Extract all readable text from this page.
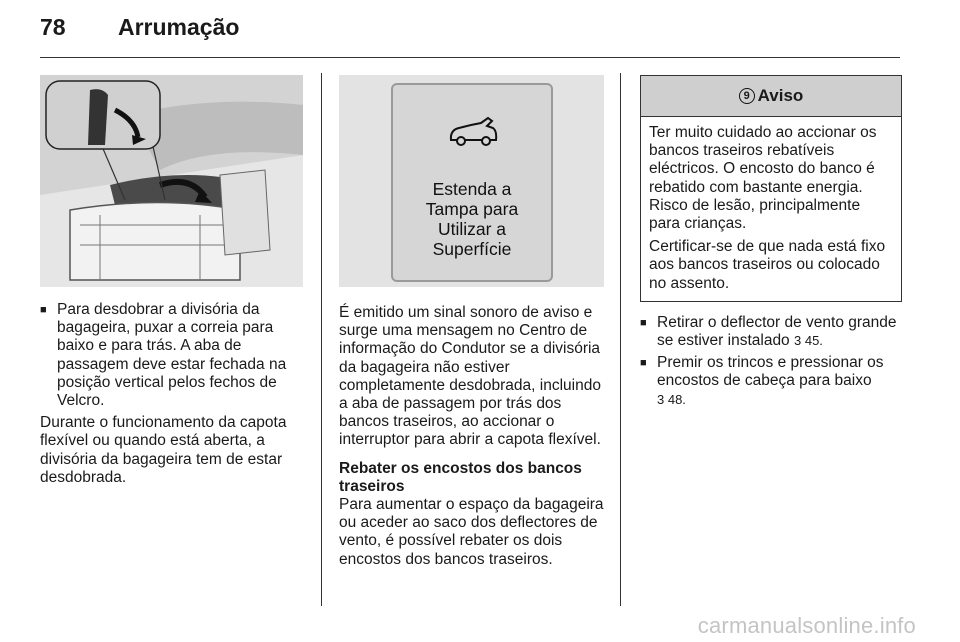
78 Arrumação
■ Para desdobrar a divisória da bagageira, puxar a correia para baixo e para trás. A aba de passagem deve estar fechada na posição vertical pelos fechos de Velcro.

Durante o funcionamento da capota flexível ou quando está aberta, a divisória da bagageira tem de estar desdobrada.

Estenda a
Tampa para
Utilizar a
Superfície

É emitido um sinal sonoro de aviso e surge uma mensagem no Centro de informação do Condutor se a divisória da bagageira não estiver completamente desdobrada, incluindo a aba de passagem por trás dos bancos traseiros, ao accionar o interruptor para abrir a capota flexível.

Rebater os encostos dos bancos traseiros

Para aumentar o espaço da bagageira ou aceder ao saco dos deflectores de vento, é possível rebater os dois encostos dos bancos traseiros.

9 Aviso

Ter muito cuidado ao accionar os bancos traseiros rebatíveis eléctricos. O encosto do banco é rebatido com bastante energia. Risco de lesão, principalmente para crianças.

Certificar-se de que nada está fixo aos bancos traseiros ou colocado no assento.

■ Retirar o deflector de vento grande se estiver instalado 3 45.
■ Premir os trincos e pressionar os encostos de cabeça para baixo
3 48.
carmanualsonline.info
